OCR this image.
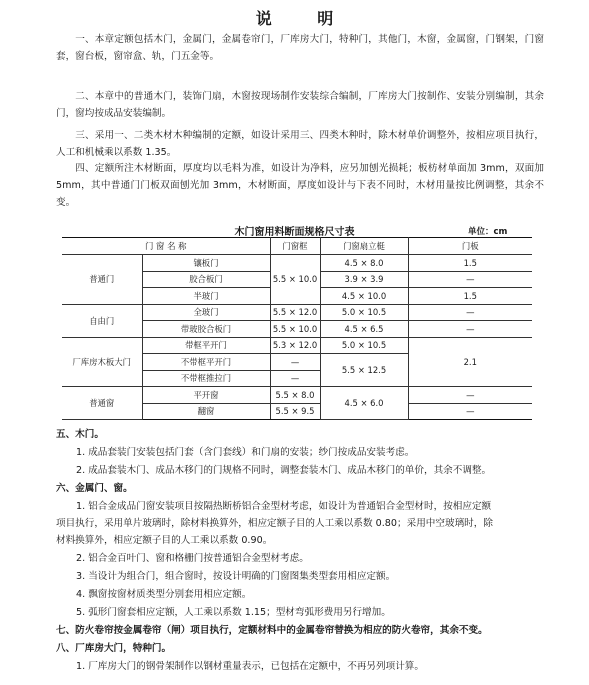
说 明

一、本章定额包括木门，金属门，金属卷帘门，厂库房大门，特种门，其他门，木窗，金属窗，门钢架，门窗套，窗台板，窗帘盒、轨，门五金等。

二、本章中的普通木门，装饰门扇，木窗按现场制作安装综合编制，厂库房大门按制作、安装分别编制，其余门，窗均按成品安装编制。

三、采用一、二类木材木种编制的定额，如设计采用三、四类木种时，除木材单价调整外，按相应项目执行，人工和机械乘以系数 1.35。

四、定额所注木材断面，厚度均以毛料为准，如设计为净料，应另加刨光损耗；板枋材单面加 3mm，双面加 5mm，其中普通门门板双面刨光加 3mm，木材断面，厚度如设计与下表不同时，木材用量按比例调整，其余不变。

木门窗用料断面规格尺寸表	单位：cm
门 窗 名 称		门窗框	门窗扇立梃	门板
普通门	镶板门	5.5 × 10.0	4.5 × 8.0	1.5
	胶合板门		3.9 × 3.9	—
	半玻门		4.5 × 10.0	1.5
自由门	全玻门	5.5 × 12.0	5.0 × 10.5	—
	带玻胶合板门	5.5 × 10.0	4.5 × 6.5	—
厂库房木板大门	带框平开门	5.3 × 12.0	5.0 × 10.5	2.1
	不带框平开门	—	5.5 × 12.5	
	不带框推拉门	—		
普通窗	平开窗	5.5 × 8.0	4.5 × 6.0	—
	翻窗	5.5 × 9.5		—
五、木门。
1. 成品套装门安装包括门套（含门套线）和门扇的安装；纱门按成品安装考虑。
2. 成品套装木门、成品木移门的门规格不同时，调整套装木门、成品木移门的单价，其余不调整。
六、金属门、窗。
1. 铝合金成品门窗安装项目按隔热断桥铝合金型材考虑，如设计为普通铝合金型材时，按相应定额
项目执行，采用单片玻璃时，除材料换算外，相应定额子目的人工乘以系数 0.80；采用中空玻璃时，除
材料换算外，相应定额子目的人工乘以系数 0.90。
2. 铝合金百叶门、窗和格栅门按普通铝合金型材考虑。
3. 当设计为组合门，组合窗时，按设计明确的门窗图集类型套用相应定额。
4. 飘窗按窗材质类型分别套用相应定额。
5. 弧形门窗套相应定额，人工乘以系数 1.15；型材弯弧形费用另行增加。
七、防火卷帘按金属卷帘（闸）项目执行，定额材料中的金属卷帘替换为相应的防火卷帘，其余不变。
八、厂库房大门，特种门。
1. 厂库房大门的钢骨架制作以钢材重量表示，已包括在定额中，不再另列项计算。
